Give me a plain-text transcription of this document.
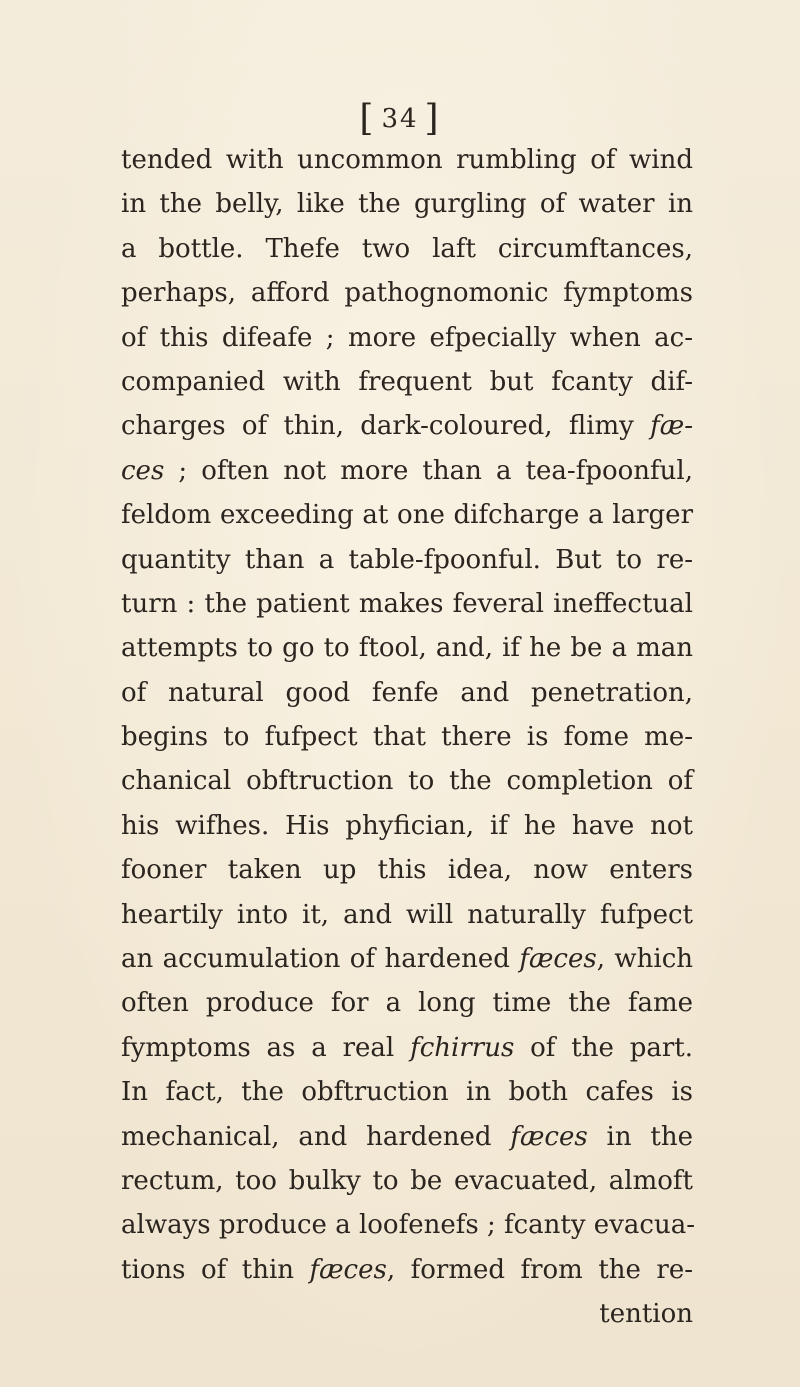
[ 34 ]
tended with uncommon rumbling of wind
in the belly, like the gurgling of water in
a bottle. Thefe two laft circumftances,
perhaps, afford pathognomonic fymptoms
of this difeafe ; more efpecially when ac-
companied with frequent but fcanty dif-
charges of thin, dark-coloured, flimy fæ-
ces ; often not more than a tea-fpoonful,
feldom exceeding at one difcharge a larger
quantity than a table-fpoonful. But to re-
turn : the patient makes feveral ineffectual
attempts to go to ftool, and, if he be a man
of natural good fenfe and penetration,
begins to fufpect that there is fome me-
chanical obftruction to the completion of
his wifhes. His phyfician, if he have not
fooner taken up this idea, now enters
heartily into it, and will naturally fufpect
an accumulation of hardened fæces, which
often produce for a long time the fame
fymptoms as a real fchirrus of the part.
In fact, the obftruction in both cafes is
mechanical, and hardened fæces in the
rectum, too bulky to be evacuated, almoft
always produce a loofenefs ; fcanty evacua-
tions of thin fæces, formed from the re-
tention
